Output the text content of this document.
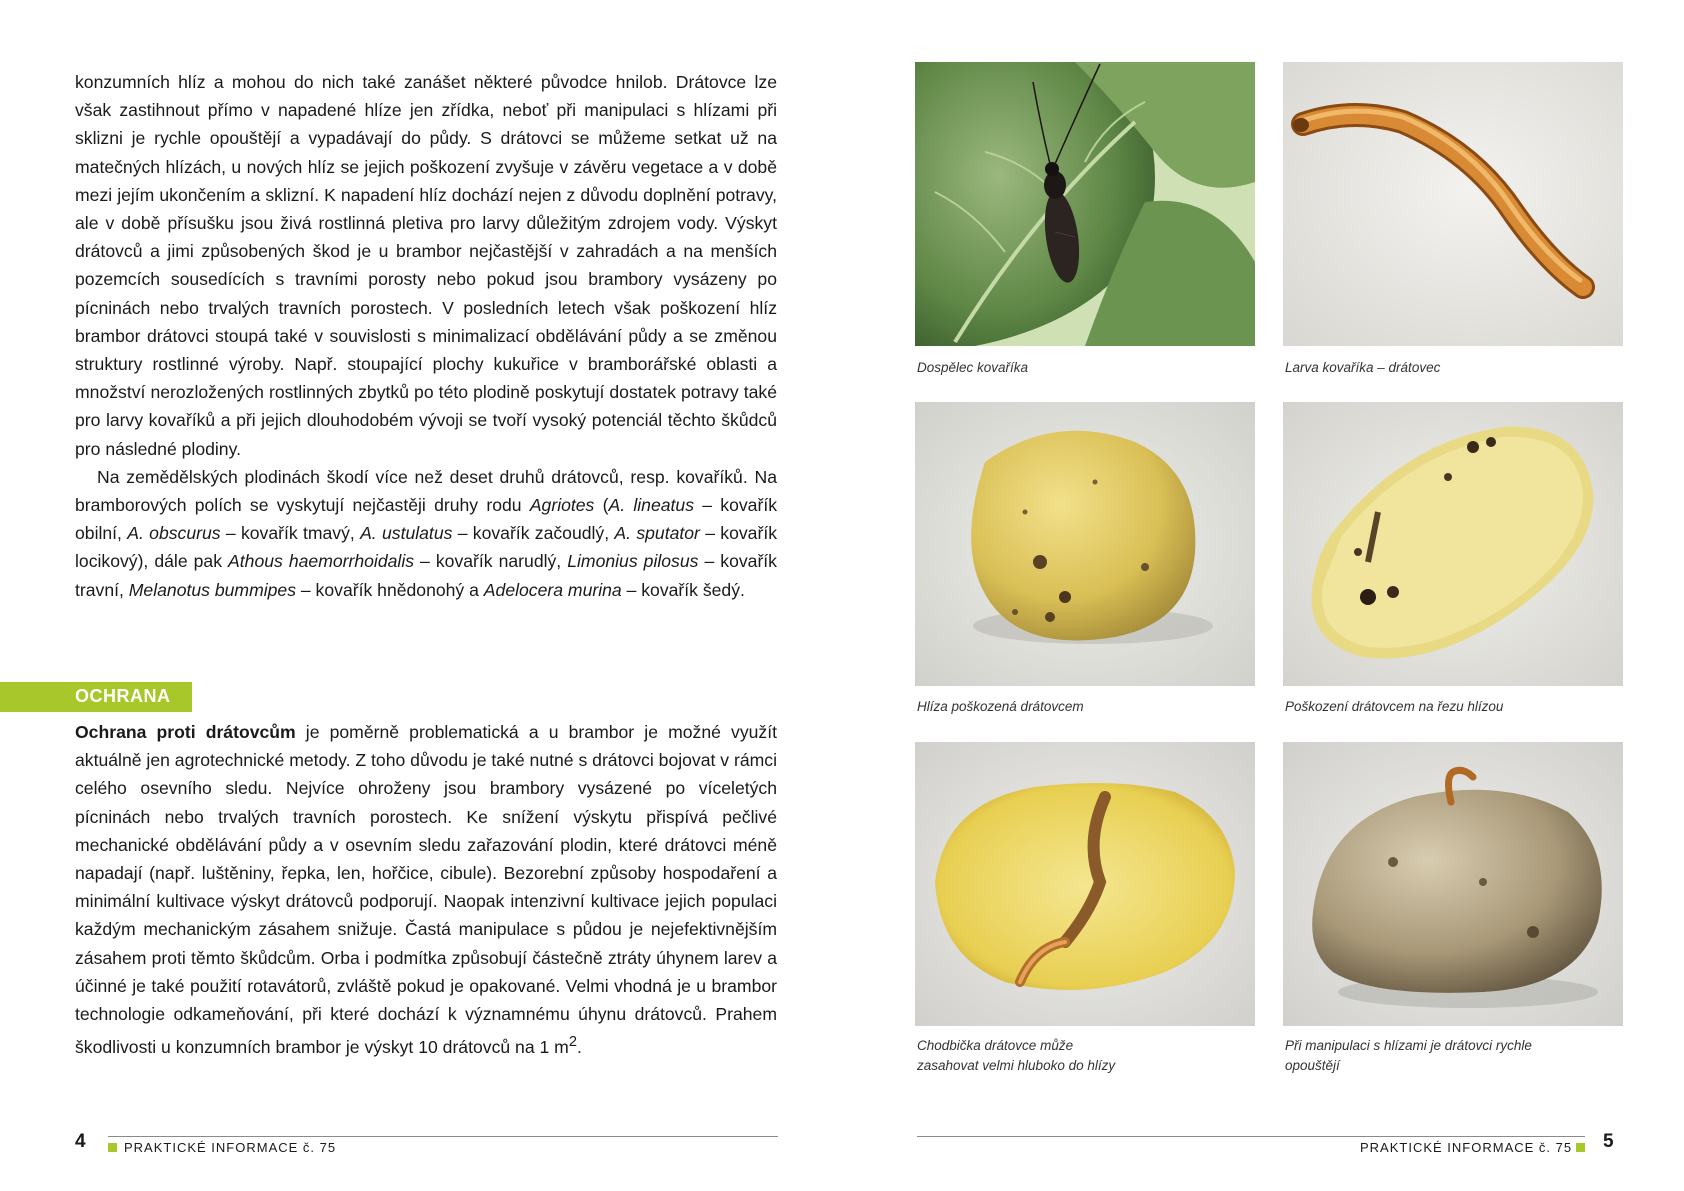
konzumních hlíz a mohou do nich také zanášet některé původce hnilob. Drátovce lze však zastihnout přímo v napadené hlíze jen zřídka, neboť při manipulaci s hlízami při sklizni je rychle opouštějí a vypadávají do půdy. S drátovci se můžeme setkat už na matečných hlízách, u nových hlíz se jejich poškození zvyšuje v závěru vegetace a v době mezi jejím ukončením a sklizní. K napadení hlíz dochází nejen z důvodu doplnění potravy, ale v době přísušku jsou živá rostlinná pletiva pro larvy důležitým zdrojem vody. Výskyt drátovců a jimi způsobených škod je u brambor nejčastější v zahradách a na menších pozemcích sousedících s travními porosty nebo pokud jsou brambory vysázeny po pícninách nebo trvalých travních porostech. V posledních letech však poškození hlíz brambor drátovci stoupá také v souvislosti s minimalizací obdělávání půdy a se změnou struktury rostlinné výroby. Např. stoupající plochy kukuřice v bramborářské oblasti a množství nerozložených rostlinných zbytků po této plodině poskytují dostatek potravy také pro larvy kovaříků a při jejich dlouhodobém vývoji se tvoří vysoký potenciál těchto škůdců pro následné plodiny.

Na zemědělských plodinách škodí více než deset druhů drátovců, resp. kovaříků. Na bramborových polích se vyskytují nejčastěji druhy rodu Agriotes (A. lineatus – kovařík obilní, A. obscurus – kovařík tmavý, A. ustulatus – kovařík začoudlý, A. sputator – kovařík locikový), dále pak Athous haemorrhoidalis – kovařík narudlý, Limonius pilosus – kovařík travní, Melanotus bummipes – kovařík hnědonohý a Adelocera murina – kovařík šedý.

OCHRANA

Ochrana proti drátovcům je poměrně problematická a u brambor je možné využít aktuálně jen agrotechnické metody. Z toho důvodu je také nutné s drátovci bojovat v rámci celého osevního sledu. Nejvíce ohroženy jsou brambory vysázené po víceletých pícninách nebo trvalých travních porostech. Ke snížení výskytu přispívá pečlivé mechanické obdělávání půdy a v osevním sledu zařazování plodin, které drátovci méně napadají (např. luštěniny, řepka, len, hořčice, cibule). Bezorební způsoby hospodaření a minimální kultivace výskyt drátovců podporují. Naopak intenzivní kultivace jejich populaci každým mechanickým zásahem snižuje. Častá manipulace s půdou je nejefektivnějším zásahem proti těmto škůdcům. Orba i podmítka způsobují částečně ztráty úhynem larev a účinné je také použití rotavátorů, zvláště pokud je opakované. Velmi vhodná je u brambor technologie odkameňování, při které dochází k významnému úhynu drátovců. Prahem škodlivosti u konzumních brambor je výskyt 10 drátovců na 1 $m^2$.

4	PRAKTICKÉ INFORMACE č. 75
Dospělec kovaříka	Larva kovaříka – drátovec
Hlíza poškozená drátovcem	Poškození drátovcem na řezu hlízou
Chodbička drátovce může zasahovat velmi hluboko do hlízy
Při manipulaci s hlízami je drátovci rychle opouštějí
PRAKTICKÉ INFORMACE č. 75 5
